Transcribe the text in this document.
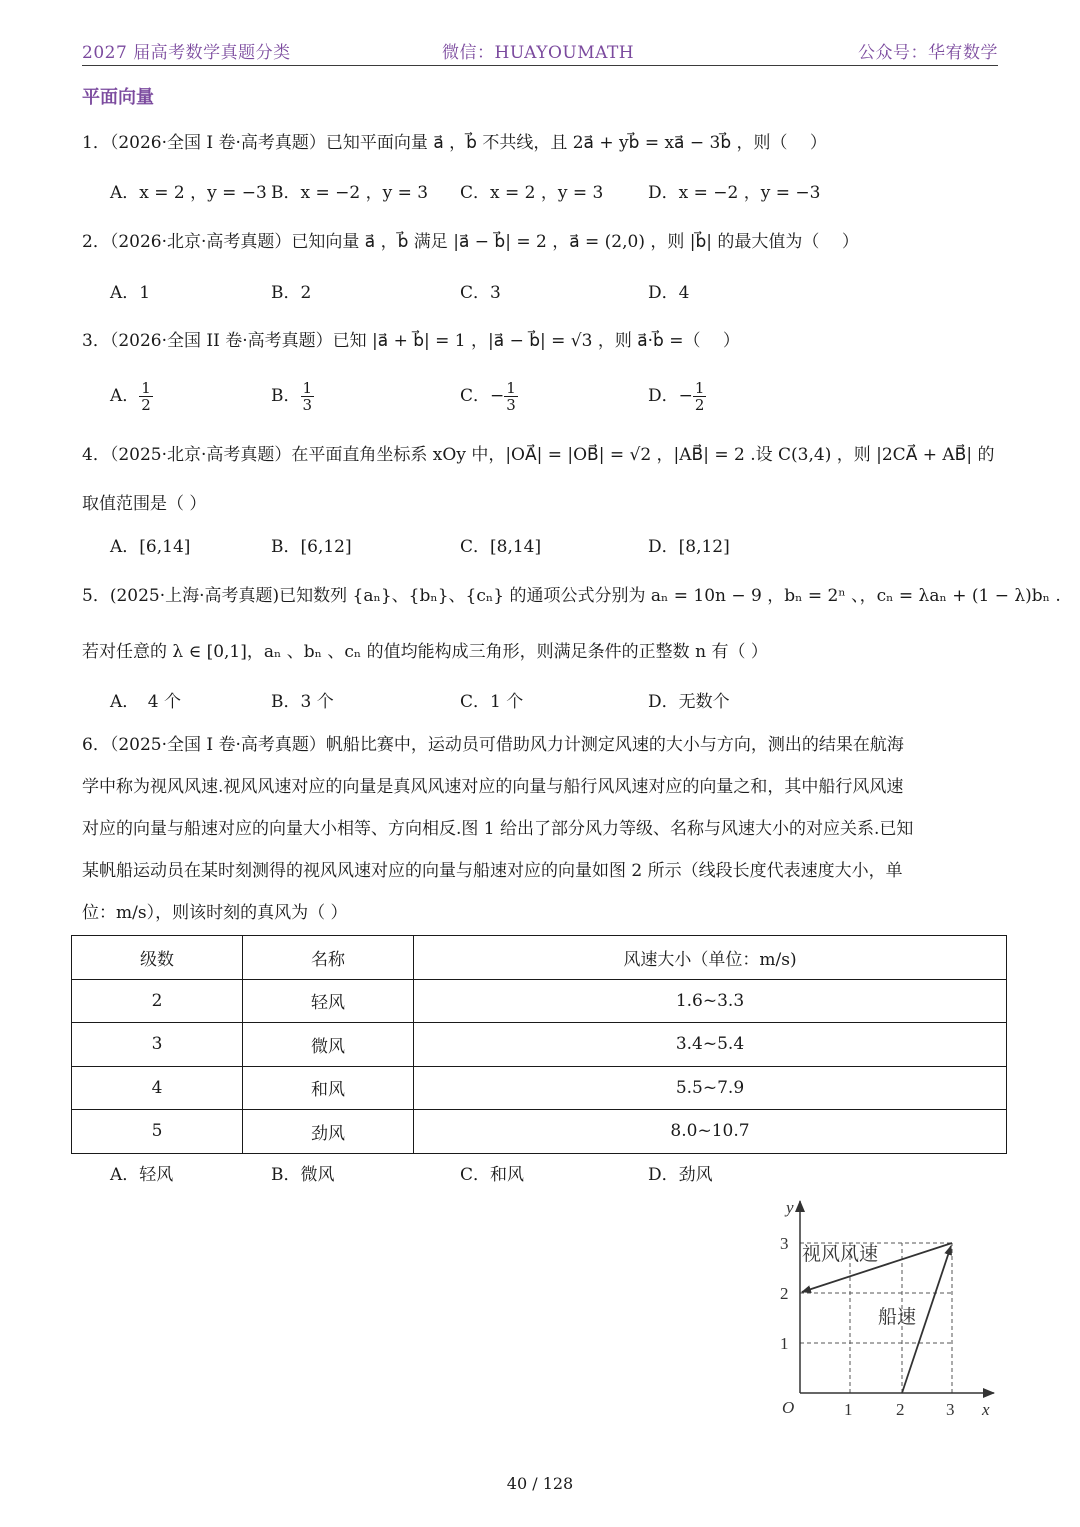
2027 届高考数学真题分类	微信：HUAYOUMATH	公众号：华宥数学
平面向量
1．（2026·全国 I 卷·高考真题）已知平面向量 a⃗ ，b⃗ 不共线，且 2a⃗ + yb⃗ = xa⃗ − 3b⃗ ，则（　 ）
A．x = 2 ，y = −3 B．x = −2 ，y = 3 C．x = 2 ，y = 3	D．x = −2 ，y = −3
2．（2026·北京·高考真题）已知向量 a⃗ ，b⃗ 满足 |a⃗ − b⃗| = 2 ，a⃗ = (2,0) ，则 |b⃗| 的最大值为（　 ）
A．1	B．2	C．3	D．4
3．（2026·全国 II 卷·高考真题）已知 |a⃗ + b⃗| = 1 ，|a⃗ − b⃗| = √3 ，则 a⃗·b⃗ =（　 ）
A． $\frac{1}{2}$	B． $\frac{1}{3}$	C．− $\frac{1}{3}$	D．− $\frac{1}{2}$
4．（2025·北京·高考真题）在平面直角坐标系 xOy 中，|OA⃗| = |OB⃗| = √2 ，|AB⃗| = 2 .设 C(3,4) ，则 |2CA⃗ + AB⃗| 的
取值范围是（ ）
A．[6,14]	B．[6,12]	C．[8,14]	D．[8,12]
5．(2025·上海·高考真题)已知数列 {aₙ}、{bₙ}、{cₙ} 的通项公式分别为 aₙ = 10n − 9 ，bₙ = 2ⁿ 、，cₙ = λaₙ + (1 − λ)bₙ .
若对任意的 λ ∈ [0,1]，aₙ 、bₙ 、cₙ 的值均能构成三角形，则满足条件的正整数 n 有（ ）
A．　4 个	B．3 个	C．1 个	D．无数个
6．（2025·全国 I 卷·高考真题）帆船比赛中，运动员可借助风力计测定风速的大小与方向，测出的结果在航海
学中称为视风风速.视风风速对应的向量是真风风速对应的向量与船行风风速对应的向量之和，其中船行风风速
对应的向量与船速对应的向量大小相等、方向相反.图 1 给出了部分风力等级、名称与风速大小的对应关系.已知
某帆船运动员在某时刻测得的视风风速对应的向量与船速对应的向量如图 2 所示（线段长度代表速度大小，单
位：m/s），则该时刻的真风为（ ）
级数	名称	风速大小（单位：m/s)
2	轻风	1.6~3.3
3	微风	3.4~5.4
4	和风	5.5~7.9
5	劲风	8.0~10.7
A．轻风	B．微风	C．和风	D．劲风
y
x
O	1	2 3
1
2
3 视风风速
船速
40 / 128
